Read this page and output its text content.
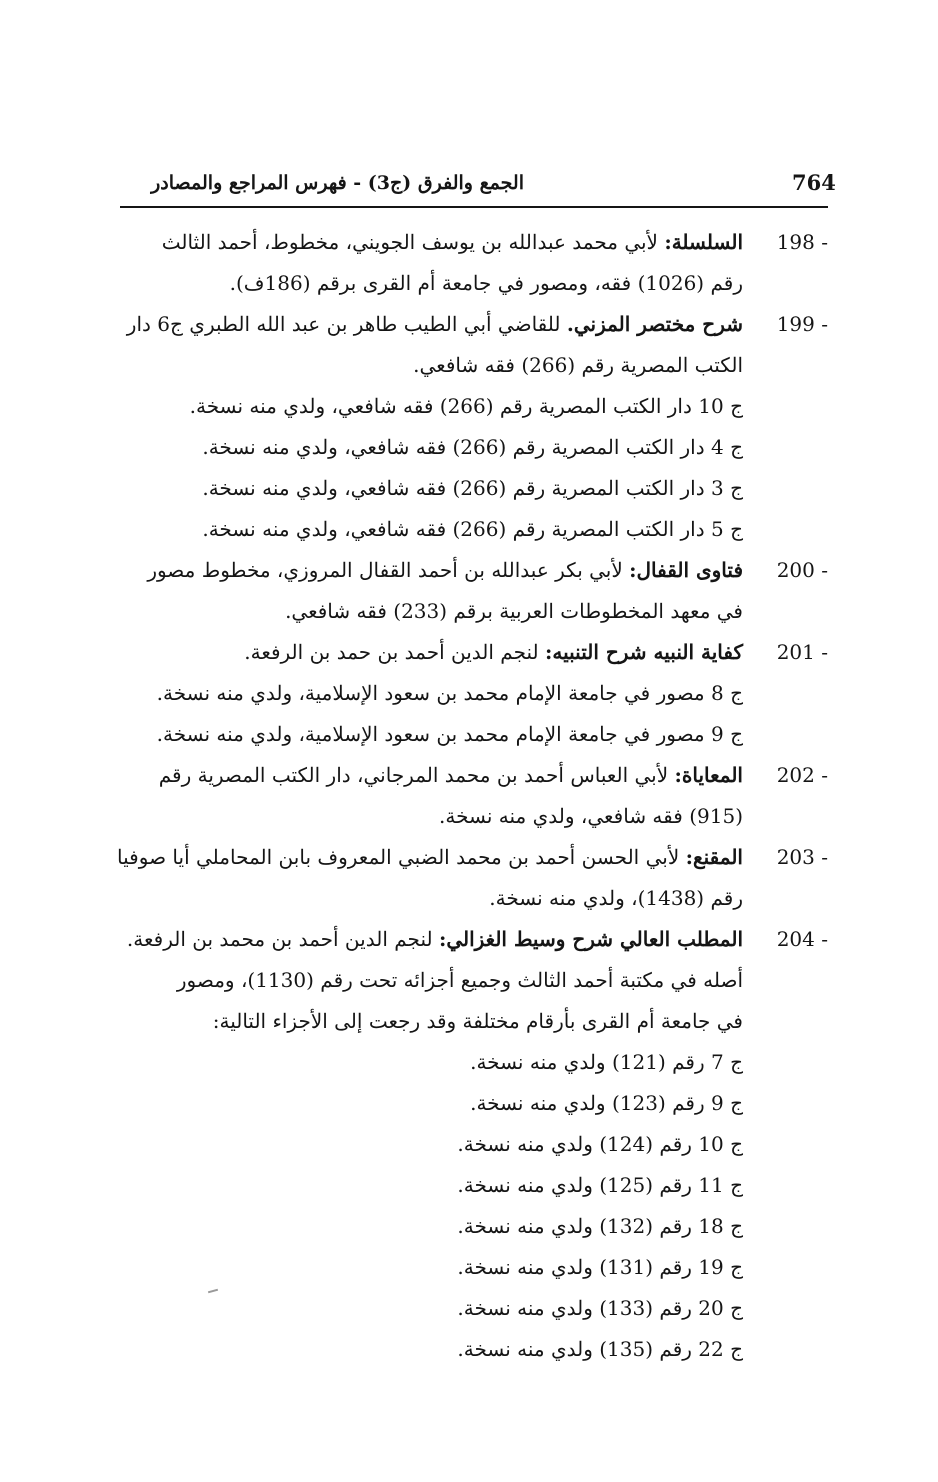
الجمع والفرق (ج3) - فهرس المراجع والمصادر	764
198 -
السلسلة: لأبي محمد عبدالله بن يوسف الجويني، مخطوط، أحمد الثالث
رقم (1026) فقه، ومصور في جامعة أم القرى برقم (186ف).
199 -
شرح مختصر المزني. للقاضي أبي الطيب طاهر بن عبد الله الطبري ج6 دار
الكتب المصرية رقم (266) فقه شافعي.
ج 10 دار الكتب المصرية رقم (266) فقه شافعي، ولدي منه نسخة.
ج 4 دار الكتب المصرية رقم (266) فقه شافعي، ولدي منه نسخة.
ج 3 دار الكتب المصرية رقم (266) فقه شافعي، ولدي منه نسخة.
ج 5 دار الكتب المصرية رقم (266) فقه شافعي، ولدي منه نسخة.
200 -
فتاوى القفال: لأبي بكر عبدالله بن أحمد القفال المروزي، مخطوط مصور
في معهد المخطوطات العربية برقم (233) فقه شافعي.
201 -
كفاية النبيه شرح التنبيه: لنجم الدين أحمد بن حمد بن الرفعة.
ج 8 مصور في جامعة الإمام محمد بن سعود الإسلامية، ولدي منه نسخة.
ج 9 مصور في جامعة الإمام محمد بن سعود الإسلامية، ولدي منه نسخة.
202 -
المعاياة: لأبي العباس أحمد بن محمد المرجاني، دار الكتب المصرية رقم
(915) فقه شافعي، ولدي منه نسخة.
203 -
المقنع: لأبي الحسن أحمد بن محمد الضبي المعروف بابن المحاملي أيا صوفيا
رقم (1438)، ولدي منه نسخة.
204 -
المطلب العالي شرح وسيط الغزالي: لنجم الدين أحمد بن محمد بن الرفعة.
أصله في مكتبة أحمد الثالث وجميع أجزائه تحت رقم (1130)، ومصور
في جامعة أم القرى بأرقام مختلفة وقد رجعت إلى الأجزاء التالية:
ج 7 رقم (121) ولدي منه نسخة.
ج 9 رقم (123) ولدي منه نسخة.
ج 10 رقم (124) ولدي منه نسخة.
ج 11 رقم (125) ولدي منه نسخة.
ج 18 رقم (132) ولدي منه نسخة.
ج 19 رقم (131) ولدي منه نسخة.
ج 20 رقم (133) ولدي منه نسخة.
ج 22 رقم (135) ولدي منه نسخة.
